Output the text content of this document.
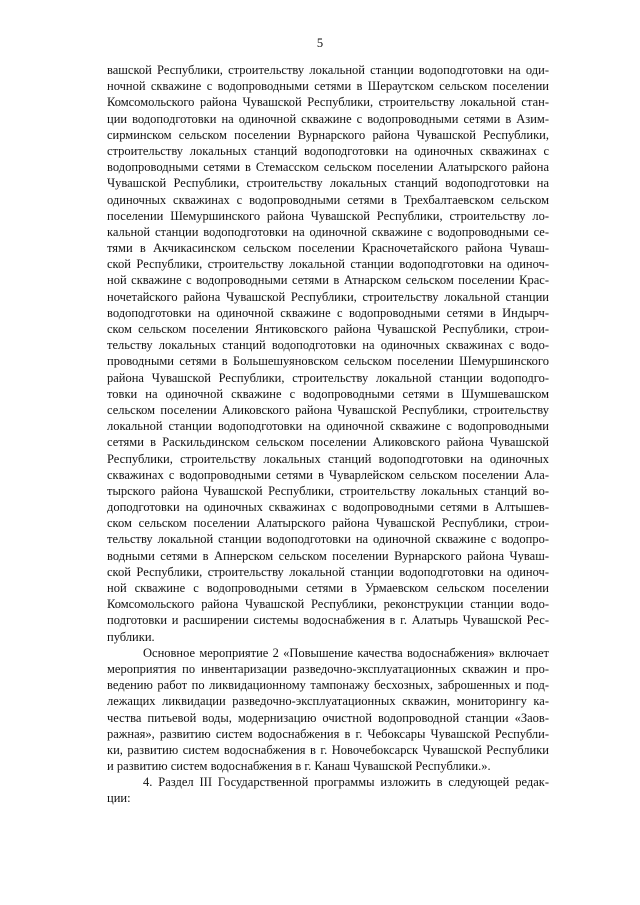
5
вашской Республики, строительству локальной станции водоподготовки на оди-
ночной скважине с водопроводными сетями в Шераутском сельском поселении
Комсомольского района Чувашской Республики, строительству локальной стан-
ции водоподготовки на одиночной скважине с водопроводными сетями в Азим-
сирминском сельском поселении Вурнарского района Чувашской Республики,
строительству локальных станций водоподготовки на одиночных скважинах с
водопроводными сетями в Стемасском сельском поселении Алатырского района
Чувашской Республики, строительству локальных станций водоподготовки на
одиночных скважинах с водопроводными сетями в Трехбалтаевском сельском
поселении Шемуршинского района Чувашской Республики, строительству ло-
кальной станции водоподготовки на одиночной скважине с водопроводными се-
тями в Акчикасинском сельском поселении Красночетайского района Чуваш-
ской Республики, строительству локальной станции водоподготовки на одиноч-
ной скважине с водопроводными сетями в Атнарском сельском поселении Крас-
ночетайского района Чувашской Республики, строительству локальной станции
водоподготовки на одиночной скважине с водопроводными сетями в Индырч-
ском сельском поселении Янтиковского района Чувашской Республики, строи-
тельству локальных станций водоподготовки на одиночных скважинах с водо-
проводными сетями в Большешуяновском сельском поселении Шемуршинского
района Чувашской Республики, строительству локальной станции водоподго-
товки на одиночной скважине с водопроводными сетями в Шумшевашском
сельском поселении Аликовского района Чувашской Республики, строительству
локальной станции водоподготовки на одиночной скважине с водопроводными
сетями в Раскильдинском сельском поселении Аликовского района Чувашской
Республики, строительству локальных станций водоподготовки на одиночных
скважинах с водопроводными сетями в Чуварлейском сельском поселении Ала-
тырского района Чувашской Республики, строительству локальных станций во-
доподготовки на одиночных скважинах с водопроводными сетями в Алтышев-
ском сельском поселении Алатырского района Чувашской Республики, строи-
тельству локальной станции водоподготовки на одиночной скважине с водопро-
водными сетями в Апнерском сельском поселении Вурнарского района Чуваш-
ской Республики, строительству локальной станции водоподготовки на одиноч-
ной скважине с водопроводными сетями в Урмаевском сельском поселении
Комсомольского района Чувашской Республики, реконструкции станции водо-
подготовки и расширении системы водоснабжения в г. Алатырь Чувашской Рес-
публики.
Основное мероприятие 2 «Повышение качества водоснабжения» включает
мероприятия по инвентаризации разведочно-эксплуатационных скважин и про-
ведению работ по ликвидационному тампонажу бесхозных, заброшенных и под-
лежащих ликвидации разведочно-эксплуатационных скважин, мониторингу ка-
чества питьевой воды, модернизацию очистной водопроводной станции «Заов-
ражная», развитию систем водоснабжения в г. Чебоксары Чувашской Республи-
ки, развитию систем водоснабжения в г. Новочебоксарск Чувашской Республики
и развитию систем водоснабжения в г. Канаш Чувашской Республики.».
4. Раздел III Государственной программы изложить в следующей редак-
ции:
